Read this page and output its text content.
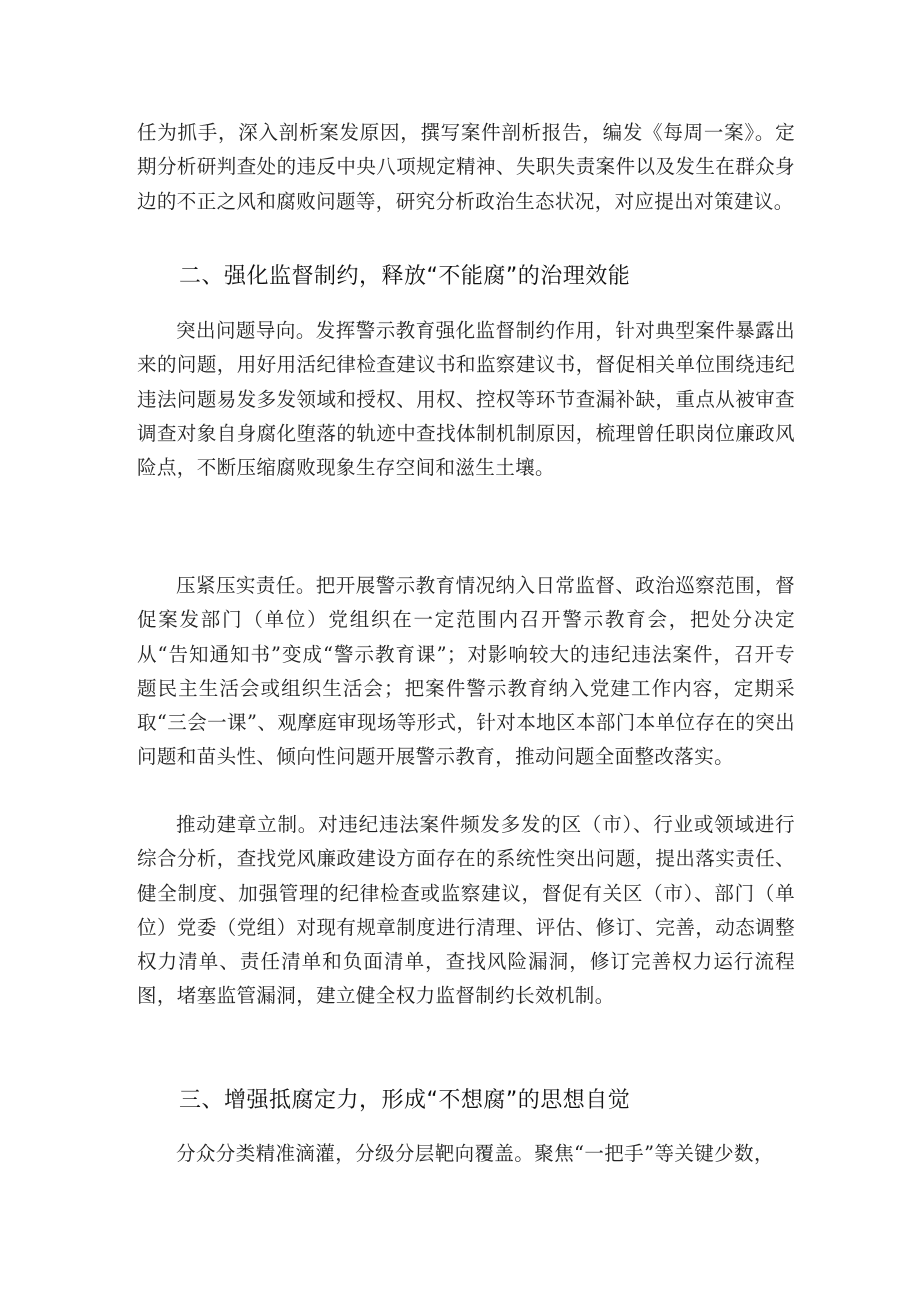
任为抓手，深入剖析案发原因，撰写案件剖析报告，编发《每周一案》。定期分析研判查处的违反中央八项规定精神、失职失责案件以及发生在群众身边的不正之风和腐败问题等，研究分析政治生态状况，对应提出对策建议。

二、强化监督制约，释放“不能腐”的治理效能

突出问题导向。发挥警示教育强化监督制约作用，针对典型案件暴露出来的问题，用好用活纪律检查建议书和监察建议书，督促相关单位围绕违纪违法问题易发多发领域和授权、用权、控权等环节查漏补缺，重点从被审查调查对象自身腐化堕落的轨迹中查找体制机制原因，梳理曾任职岗位廉政风险点，不断压缩腐败现象生存空间和滋生土壤。

压紧压实责任。把开展警示教育情况纳入日常监督、政治巡察范围，督促案发部门（单位）党组织在一定范围内召开警示教育会，把处分决定从“告知通知书”变成“警示教育课”；对影响较大的违纪违法案件，召开专题民主生活会或组织生活会；把案件警示教育纳入党建工作内容，定期采取“三会一课”、观摩庭审现场等形式，针对本地区本部门本单位存在的突出问题和苗头性、倾向性问题开展警示教育，推动问题全面整改落实。

推动建章立制。对违纪违法案件频发多发的区（市）、行业或领域进行综合分析，查找党风廉政建设方面存在的系统性突出问题，提出落实责任、健全制度、加强管理的纪律检查或监察建议，督促有关区（市）、部门（单位）党委（党组）对现有规章制度进行清理、评估、修订、完善，动态调整权力清单、责任清单和负面清单，查找风险漏洞，修订完善权力运行流程图，堵塞监管漏洞，建立健全权力监督制约长效机制。

三、增强抵腐定力，形成“不想腐”的思想自觉

分众分类精准滴灌，分级分层靶向覆盖。聚焦“一把手”等关键少数，
